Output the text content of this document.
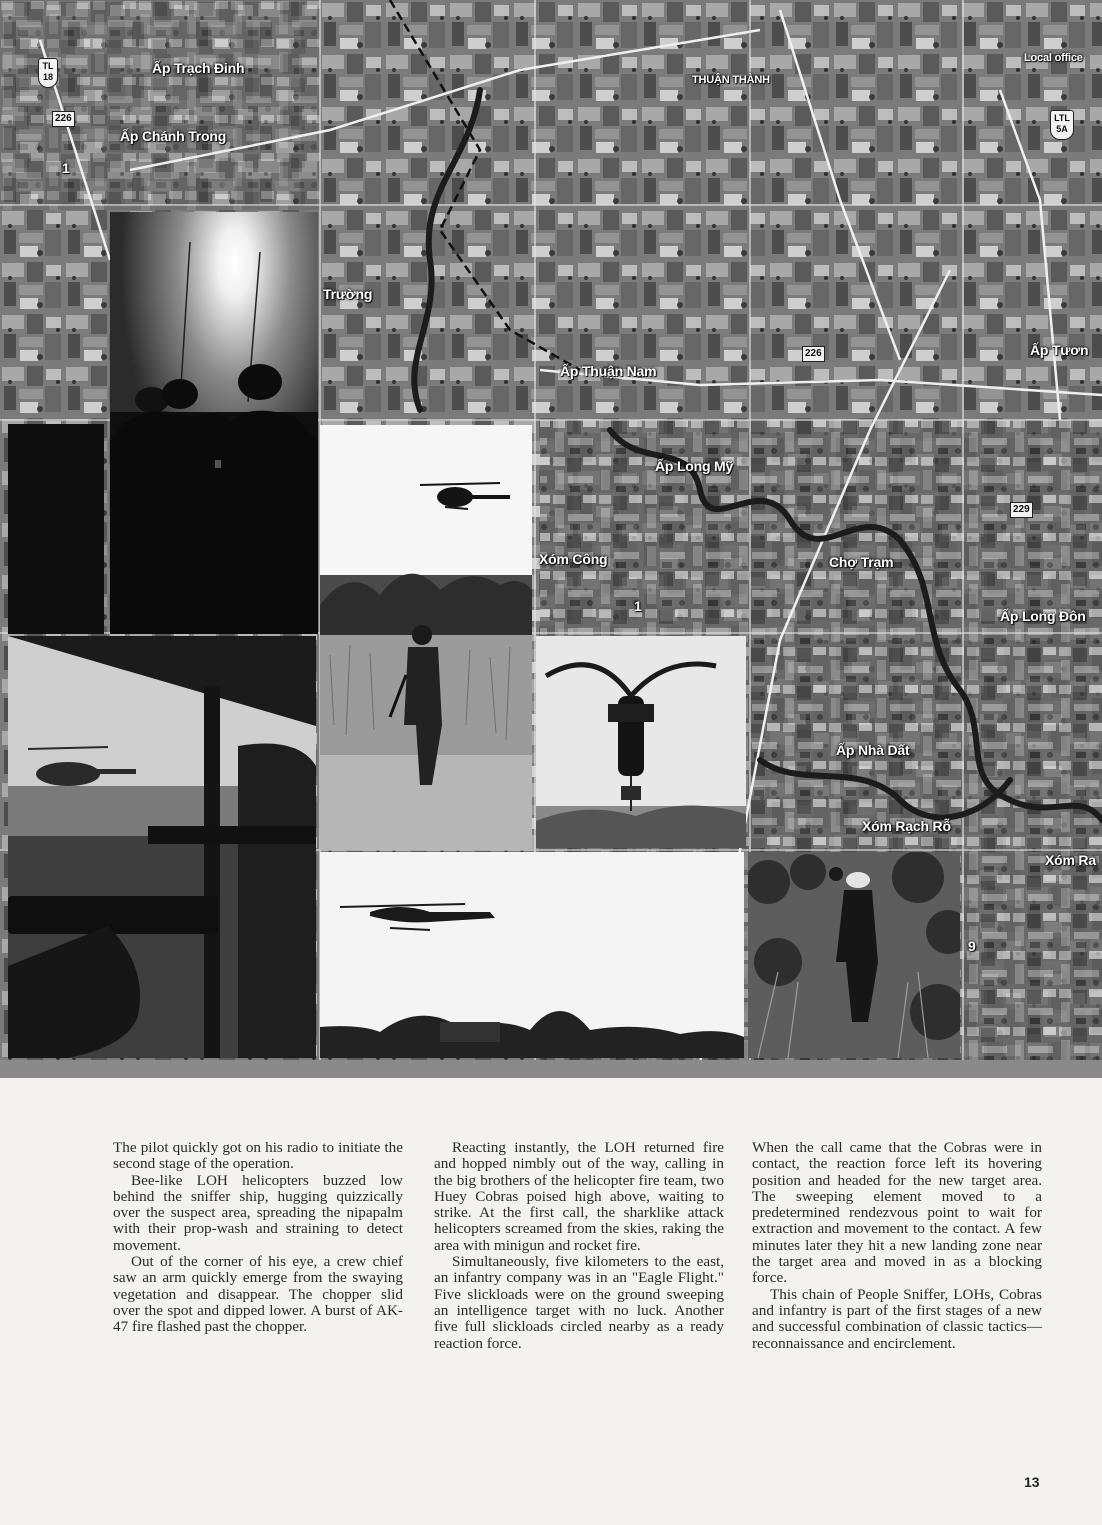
Ấp Trạch Đinh
Ấp Chánh Trong
THUẬN THÀNH
Trường
Ấp Thuận Nam
Ấp Tươn
Ấp Long Mỹ
Xóm Công	Chợ Trạm
Ấp Long Đôn
Ấp Nhà Dất
Xóm Rạch Rỗ
Xóm Ra
Local office
1
1
9
TL
18
226
226
229
LTL
5A

The pilot quickly got on his radio to initiate the second stage of the operation.

Bee-like LOH helicopters buzzed low behind the sniffer ship, hugging quizzically over the suspect area, spreading the nipapalm with their prop-wash and straining to detect movement.

Out of the corner of his eye, a crew chief saw an arm quickly emerge from the swaying vegetation and disappear. The chopper slid over the spot and dipped lower. A burst of AK-47 fire flashed past the chopper.

Reacting instantly, the LOH returned fire and hopped nimbly out of the way, calling in the big brothers of the helicopter fire team, two Huey Cobras poised high above, waiting to strike. At the first call, the sharklike attack helicopters screamed from the skies, raking the area with minigun and rocket fire.

Simultaneously, five kilometers to the east, an infantry company was in an "Eagle Flight." Five slickloads were on the ground sweeping an intelligence target with no luck. Another five full slickloads circled nearby as a ready reaction force.

When the call came that the Cobras were in contact, the reaction force left its hovering position and headed for the new target area. The sweeping element moved to a predetermined rendezvous point to wait for extraction and movement to the contact. A few minutes later they hit a new landing zone near the target area and moved in as a blocking force.

This chain of People Sniffer, LOHs, Cobras and infantry is part of the first stages of a new and successful combination of classic tactics—reconnaissance and encirclement.

13
